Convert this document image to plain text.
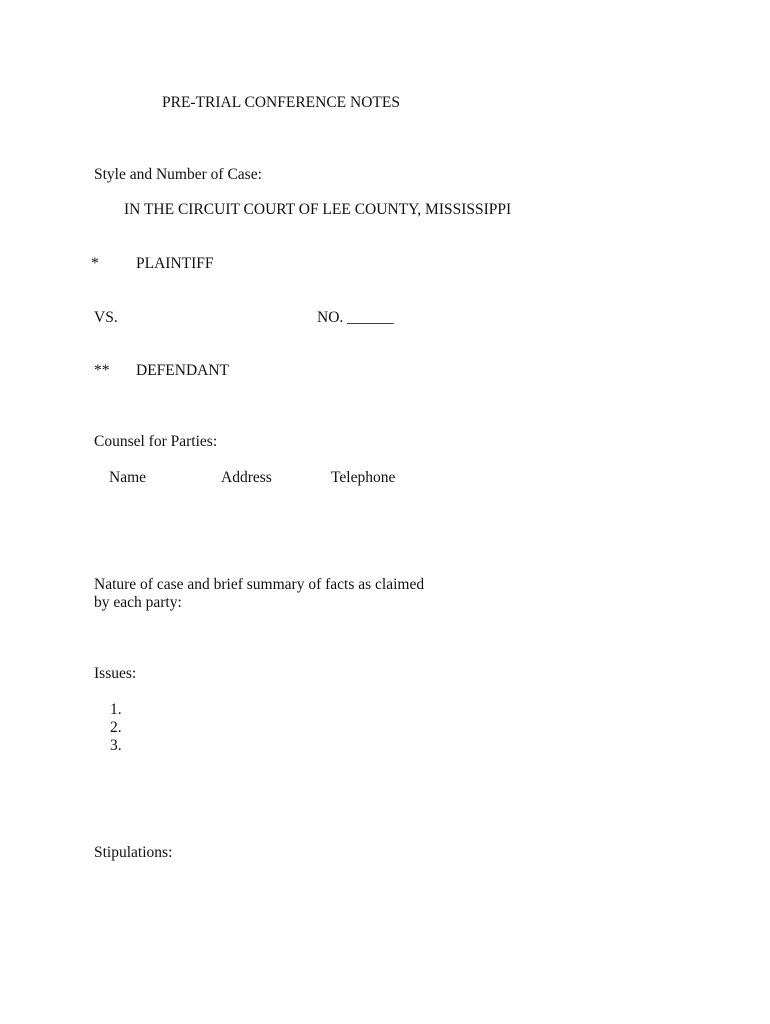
PRE-TRIAL CONFERENCE NOTES
Style and Number of Case:
IN THE CIRCUIT COURT OF LEE COUNTY, MISSISSIPPI
* PLAINTIFF
VS.	NO. ______
** DEFENDANT
Counsel for Parties:
Name	Address	Telephone
Nature of case and brief summary of facts as claimed
by each party:
Issues:
1.
2.
3.
Stipulations:
